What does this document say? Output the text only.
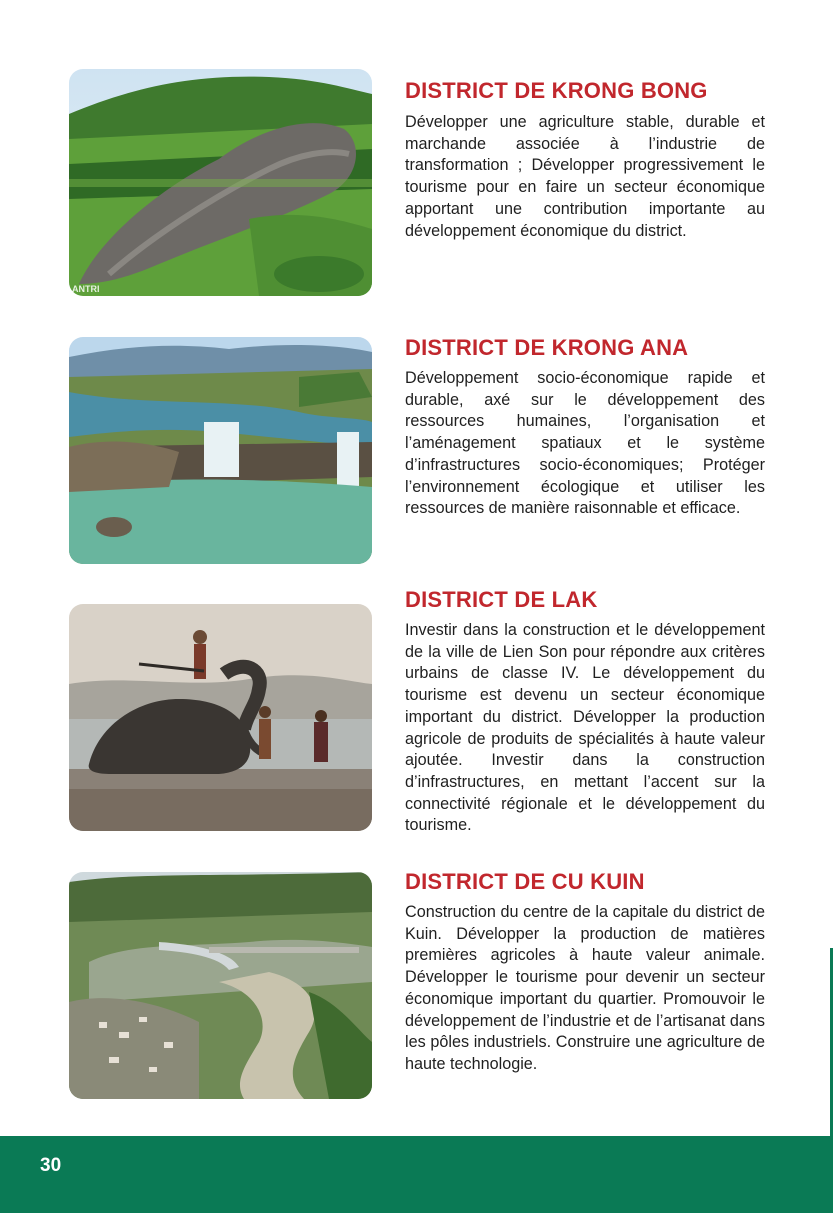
ANTRI
DISTRICT DE KRONG BONG

Développer une agriculture stable, durable et marchande associée à l’industrie de transformation ; Développer progressivement le tourisme pour en faire un secteur économique apportant une contribution importante au développement économique du district.

DISTRICT DE KRONG ANA

Développement socio-économique rapide et durable, axé sur le développement des ressources humaines, l’organisation et l’aménagement spatiaux et le système d’infrastructures socio-économiques; Protéger l’environnement écologique et utiliser les ressources de manière raisonnable et efficace.

DISTRICT DE LAK

Investir dans la construction et le développement de la ville de Lien Son pour répondre aux critères urbains de classe IV. Le développement du tourisme est devenu un secteur économique important du district. Développer la production agricole de produits de spécialités à haute valeur ajoutée. Investir dans la construction d’infrastructures, en mettant l’accent sur la connectivité régionale et le développement du tourisme.

DISTRICT DE CU KUIN

Construction du centre de la capitale du district de Kuin. Développer la production de matières premières agricoles à haute valeur animale. Développer le tourisme pour devenir un secteur économique important du quartier. Promouvoir le développement de l’industrie et de l’artisanat dans les pôles industriels. Construire une agriculture de haute technologie.

30
